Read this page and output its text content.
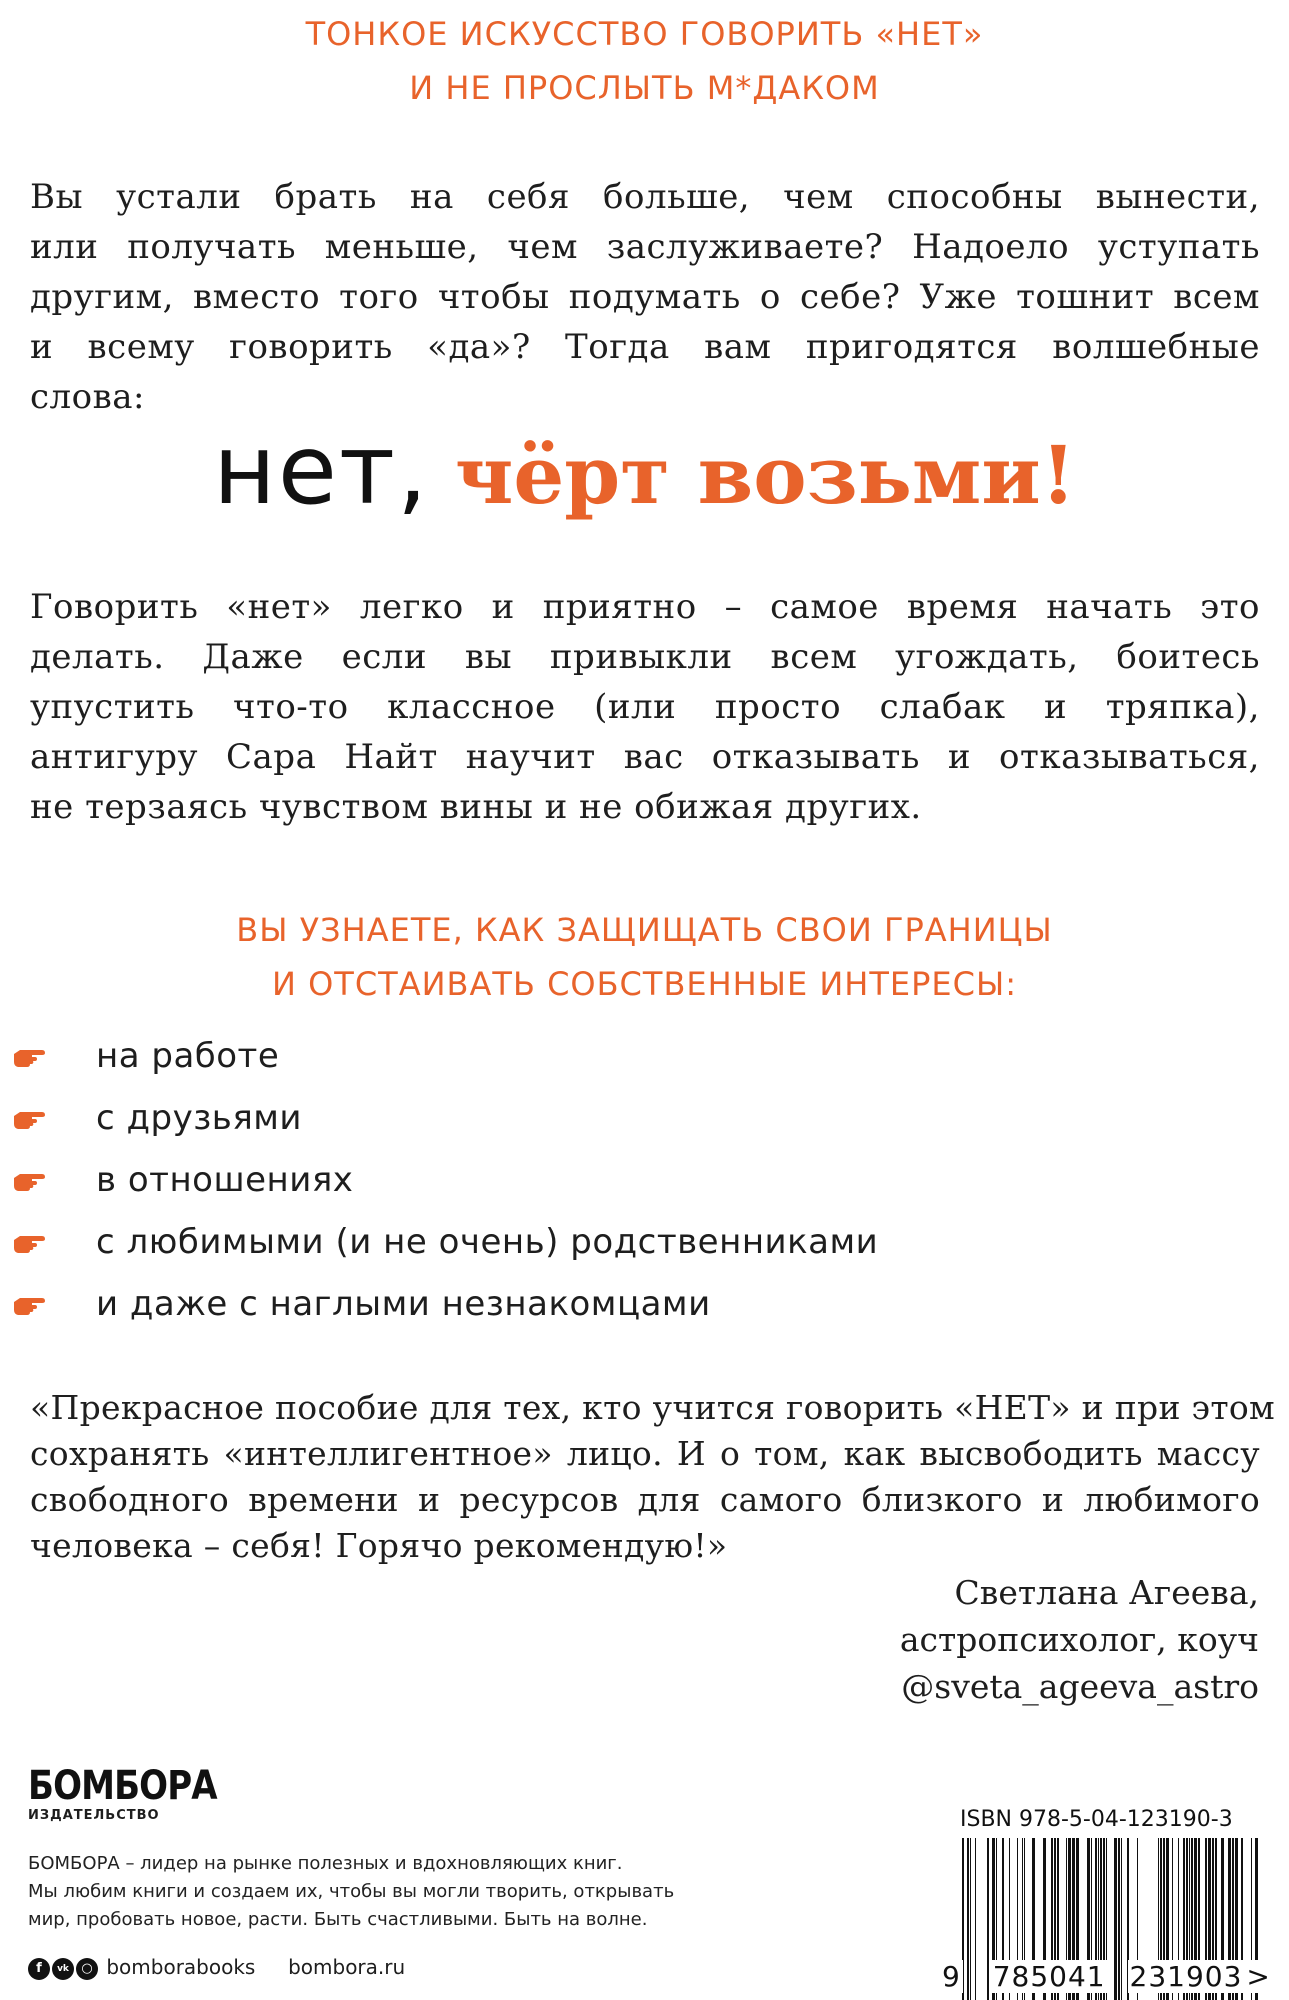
ТОНКОЕ ИСКУССТВО ГОВОРИТЬ «НЕТ»
И НЕ ПРОСЛЫТЬ М*ДАКОМ
Вы устали брать на себя больше, чем способны вынести,
или получать меньше, чем заслуживаете? Надоело уступать
другим, вместо того чтобы подумать о себе? Уже тошнит всем
и всему говорить «да»? Тогда вам пригодятся волшебные
слова:
нет, чёрт возьми!
Говорить «нет» легко и приятно – самое время начать это
делать. Даже если вы привыкли всем угождать, боитесь
упустить что-то классное (или просто слабак и тряпка),
антигуру Сара Найт научит вас отказывать и отказываться,
не терзаясь чувством вины и не обижая других.
ВЫ УЗНАЕТЕ, КАК ЗАЩИЩАТЬ СВОИ ГРАНИЦЫ
И ОТСТАИВАТЬ СОБСТВЕННЫЕ ИНТЕРЕСЫ:
на работе
с друзьями
в отношениях
с любимыми (и не очень) родственниками
и даже с наглыми незнакомцами
«Прекрасное пособие для тех, кто учится говорить «НЕТ» и при этом
сохранять «интеллигентное» лицо. И о том, как высвободить массу
свободного времени и ресурсов для самого близкого и любимого
человека – себя! Горячо рекомендую!»
Светлана Агеева,
астропсихолог, коуч
@sveta_ageeva_astro
БОМБОРА
ИЗДАТЕЛЬСТВО
БОМБОРА – лидер на рынке полезных и вдохновляющих книг.
Мы любим книги и создаем их, чтобы вы могли творить, открывать
мир, пробовать новое, расти. Быть счастливыми. Быть на волне.
f vk ○ bomborabooks bombora.ru
ISBN 978-5-04-123190-3
9 785041 231903 >
